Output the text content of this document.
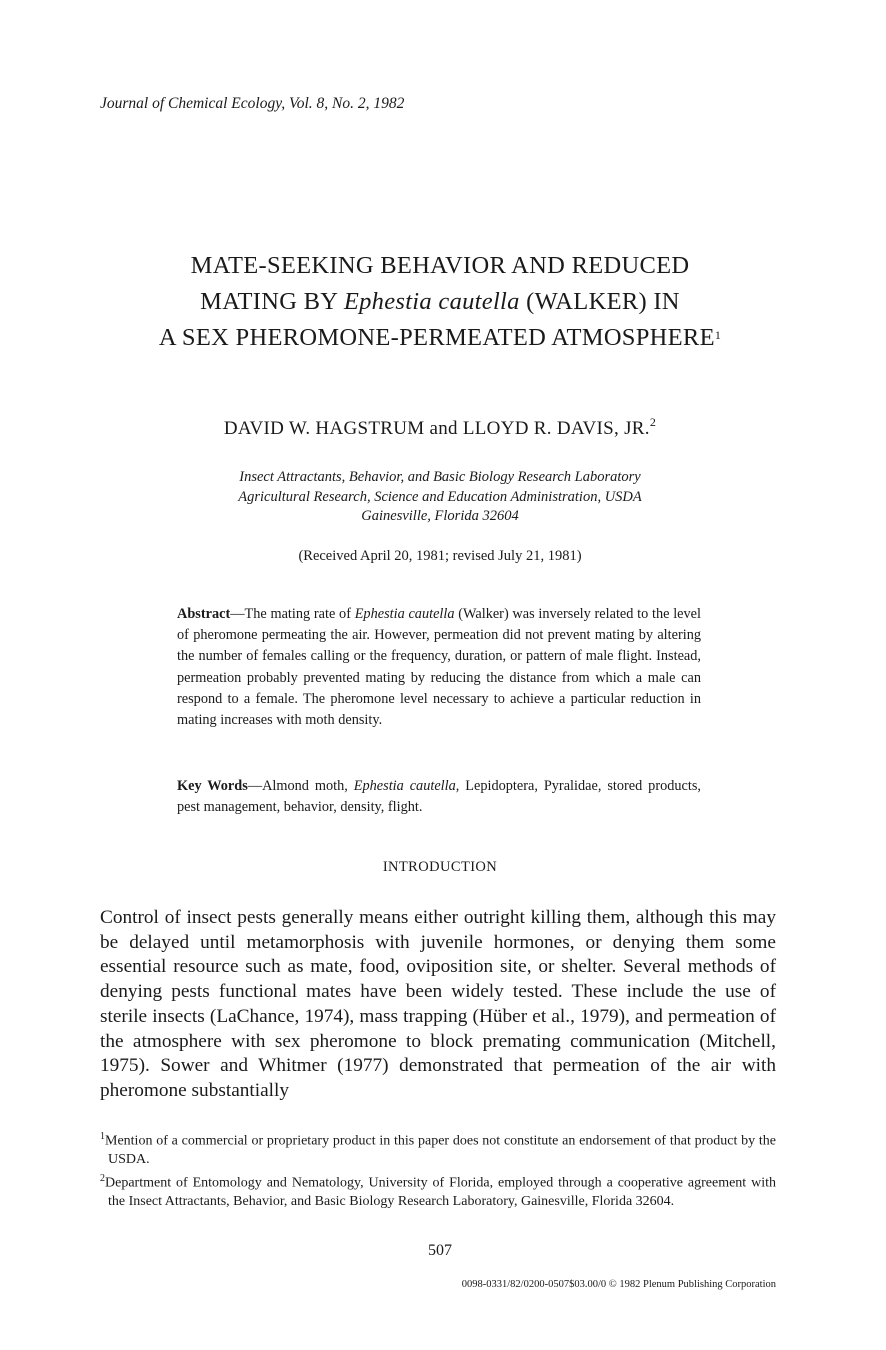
Journal of Chemical Ecology, Vol. 8, No. 2, 1982
MATE-SEEKING BEHAVIOR AND REDUCED
MATING BY Ephestia cautella (WALKER) IN
A SEX PHEROMONE-PERMEATED ATMOSPHERE$^1$
DAVID W. HAGSTRUM and LLOYD R. DAVIS, JR.$^2$
Insect Attractants, Behavior, and Basic Biology Research Laboratory
Agricultural Research, Science and Education Administration, USDA
Gainesville, Florida 32604
(Received April 20, 1981; revised July 21, 1981)
Abstract—The mating rate of Ephestia cautella (Walker) was inversely related to the level of pheromone permeating the air. However, permeation did not prevent mating by altering the number of females calling or the frequency, duration, or pattern of male flight. Instead, permeation probably prevented mating by reducing the distance from which a male can respond to a female. The pheromone level necessary to achieve a particular reduction in mating increases with moth density.
Key Words—Almond moth, Ephestia cautella, Lepidoptera, Pyralidae, stored products, pest management, behavior, density, flight.
INTRODUCTION
Control of insect pests generally means either outright killing them, although this may be delayed until metamorphosis with juvenile hormones, or denying them some essential resource such as mate, food, oviposition site, or shelter. Several methods of denying pests functional mates have been widely tested. These include the use of sterile insects (LaChance, 1974), mass trapping (Hüber et al., 1979), and permeation of the atmosphere with sex pheromone to block premating communication (Mitchell, 1975). Sower and Whitmer (1977) demonstrated that permeation of the air with pheromone substantially

$^1$Mention of a commercial or proprietary product in this paper does not constitute an endorsement of that product by the USDA.

$^2$Department of Entomology and Nematology, University of Florida, employed through a cooperative agreement with the Insect Attractants, Behavior, and Basic Biology Research Laboratory, Gainesville, Florida 32604.

507
0098-0331/82/0200-0507$03.00/0 © 1982 Plenum Publishing Corporation
